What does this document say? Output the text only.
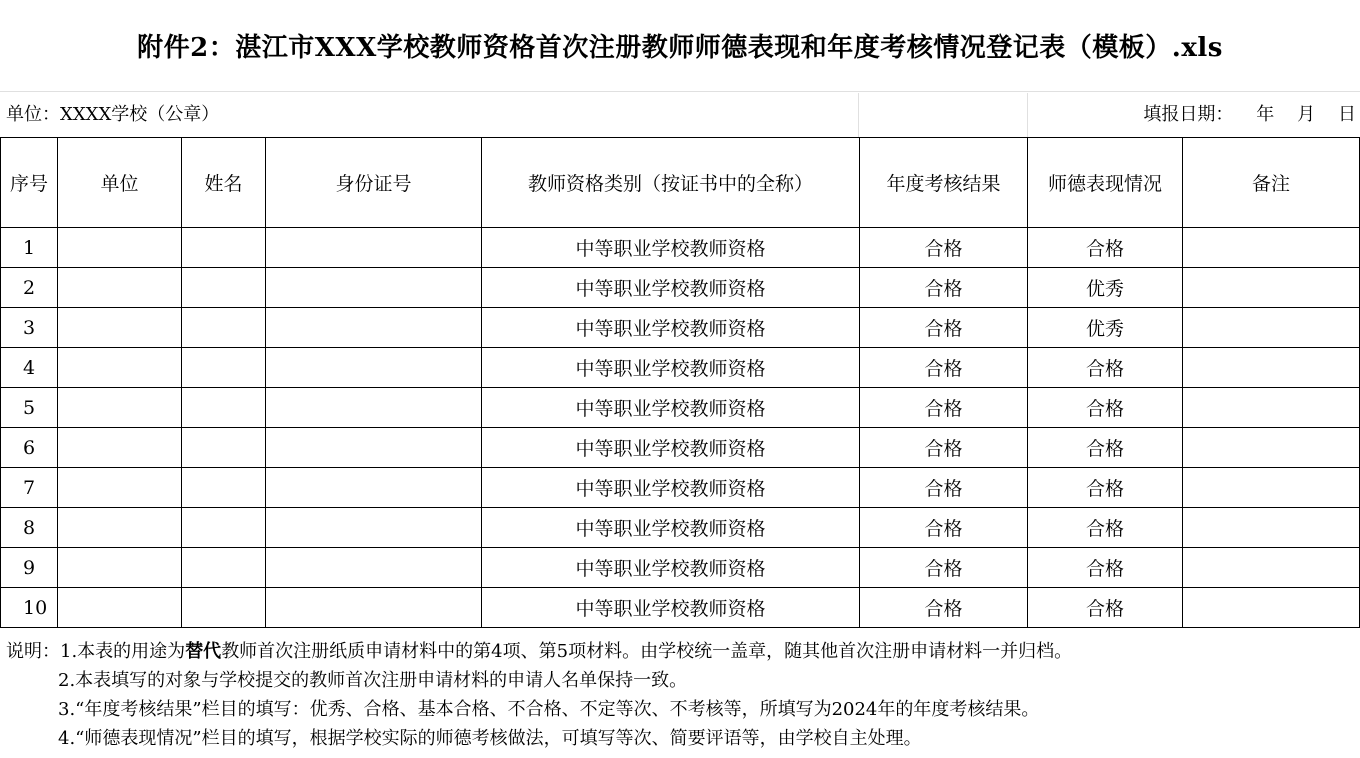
附件2：湛江市XXX学校教师资格首次注册教师师德表现和年度考核情况登记表（模板）.xls
单位：XXXX学校（公章）	填报日期：    年    月    日
序号	单位	姓名	身份证号	教师资格类别（按证书中的全称）	年度考核结果	师德表现情况	备注
1				中等职业学校教师资格	合格	合格	
2				中等职业学校教师资格	合格	优秀	
3				中等职业学校教师资格	合格	优秀	
4				中等职业学校教师资格	合格	合格	
5				中等职业学校教师资格	合格	合格	
6				中等职业学校教师资格	合格	合格	
7				中等职业学校教师资格	合格	合格	
8				中等职业学校教师资格	合格	合格	
9				中等职业学校教师资格	合格	合格	
10				中等职业学校教师资格	合格	合格	
说明：1.本表的用途为替代教师首次注册纸质申请材料中的第4项、第5项材料。由学校统一盖章，随其他首次注册申请材料一并归档。
2.本表填写的对象与学校提交的教师首次注册申请材料的申请人名单保持一致。
3.“年度考核结果”栏目的填写：优秀、合格、基本合格、不合格、不定等次、不考核等，所填写为2024年的年度考核结果。
4.“师德表现情况”栏目的填写，根据学校实际的师德考核做法，可填写等次、简要评语等，由学校自主处理。
